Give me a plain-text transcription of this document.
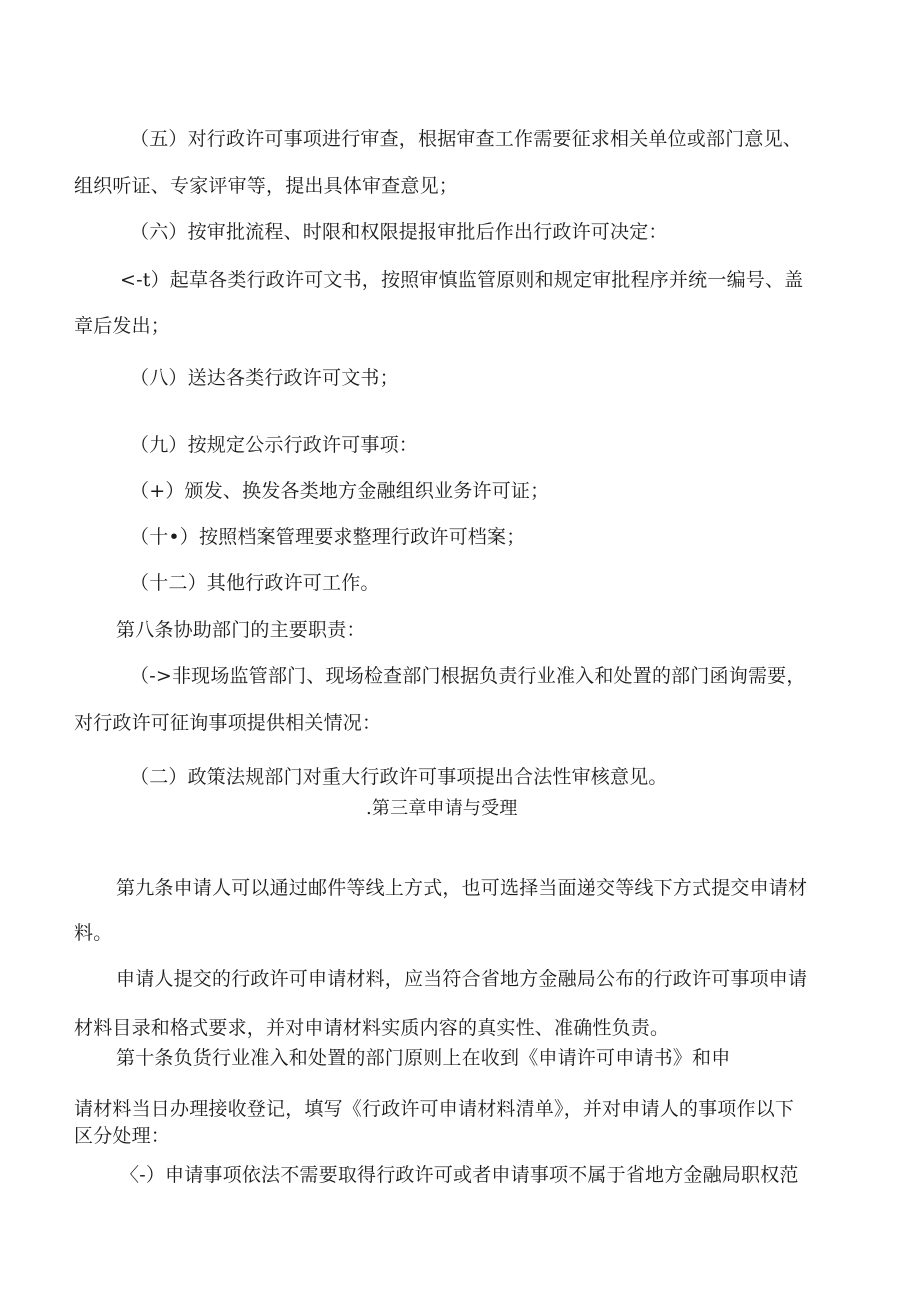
（五）对行政许可事项进行审查，根据审查工作需要征求相关单位或部门意见、
组织听证、专家评审等，提出具体审查意见；
（六）按审批流程、时限和权限提报审批后作出行政许可决定：
<-t）起草各类行政许可文书，按照审慎监管原则和规定审批程序并统一编号、盖
章后发出；
（八）送达各类行政许可文书；
（九）按规定公示行政许可事项：
（+）颁发、换发各类地方金融组织业务许可证；
（十•）按照档案管理要求整理行政许可档案；
（十二）其他行政许可工作。
第八条协助部门的主要职责：
（->非现场监管部门、现场检查部门根据负责行业准入和处置的部门函询需要，
对行政许可征询事项提供相关情况：
（二）政策法规部门对重大行政许可事项提出合法性审核意见。
.第三章申请与受理
第九条申请人可以通过邮件等线上方式，也可选择当面递交等线下方式提交申请材
料。
申请人提交的行政许可申请材料，应当符合省地方金融局公布的行政许可事项申请
材料目录和格式要求，并对申请材料实质内容的真实性、准确性负责。
第十条负货行业准入和处置的部门原则上在收到《申请许可申请书》和申
请材料当日办理接收登记，填写《行政许可申请材料清单》，并对申请人的事项作以下
区分处理：
〈-）申请事项依法不需要取得行政许可或者申请事项不属于省地方金融局职权范
